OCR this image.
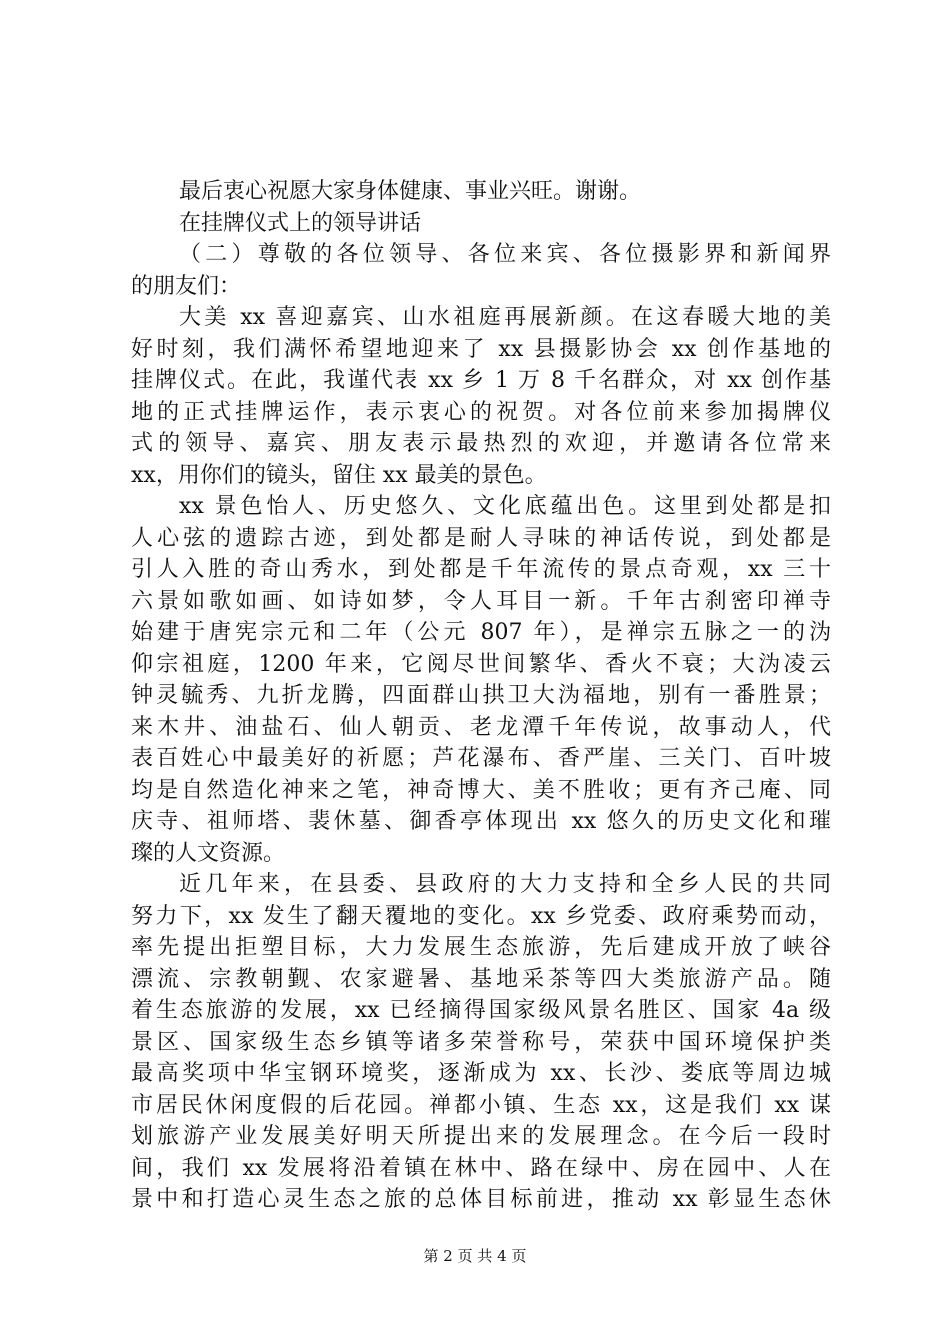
最后衷心祝愿大家身体健康、事业兴旺。谢谢。
在挂牌仪式上的领导讲话
（二）尊敬的各位领导、各位来宾、各位摄影界和新闻界
的朋友们：
大美 xx 喜迎嘉宾、山水祖庭再展新颜。在这春暖大地的美
好时刻，我们满怀希望地迎来了 xx 县摄影协会 xx 创作基地的
挂牌仪式。在此，我谨代表 xx 乡 1 万 8 千名群众，对 xx 创作基
地的正式挂牌运作，表示衷心的祝贺。对各位前来参加揭牌仪
式的领导、嘉宾、朋友表示最热烈的欢迎，并邀请各位常来
xx，用你们的镜头，留住 xx 最美的景色。
xx 景色怡人、历史悠久、文化底蕴出色。这里到处都是扣
人心弦的遗踪古迹，到处都是耐人寻味的神话传说，到处都是
引人入胜的奇山秀水，到处都是千年流传的景点奇观，xx 三十
六景如歌如画、如诗如梦，令人耳目一新。千年古刹密印禅寺
始建于唐宪宗元和二年（公元 807 年），是禅宗五脉之一的沩
仰宗祖庭，1200 年来，它阅尽世间繁华、香火不衰；大沩凌云
钟灵毓秀、九折龙腾，四面群山拱卫大沩福地，别有一番胜景；
来木井、油盐石、仙人朝贡、老龙潭千年传说，故事动人，代
表百姓心中最美好的祈愿；芦花瀑布、香严崖、三关门、百叶坡
均是自然造化神来之笔，神奇博大、美不胜收；更有齐己庵、同
庆寺、祖师塔、裴休墓、御香亭体现出 xx 悠久的历史文化和璀
璨的人文资源。
近几年来，在县委、县政府的大力支持和全乡人民的共同
努力下，xx 发生了翻天覆地的变化。xx 乡党委、政府乘势而动，
率先提出拒塑目标，大力发展生态旅游，先后建成开放了峡谷
漂流、宗教朝觐、农家避暑、基地采茶等四大类旅游产品。随
着生态旅游的发展，xx 已经摘得国家级风景名胜区、国家 4a 级
景区、国家级生态乡镇等诸多荣誉称号，荣获中国环境保护类
最高奖项中华宝钢环境奖，逐渐成为 xx、长沙、娄底等周边城
市居民休闲度假的后花园。禅都小镇、生态 xx，这是我们 xx 谋
划旅游产业发展美好明天所提出来的发展理念。在今后一段时
间，我们 xx 发展将沿着镇在林中、路在绿中、房在园中、人在
景中和打造心灵生态之旅的总体目标前进，推动 xx 彰显生态休
第 2 页 共 4 页
